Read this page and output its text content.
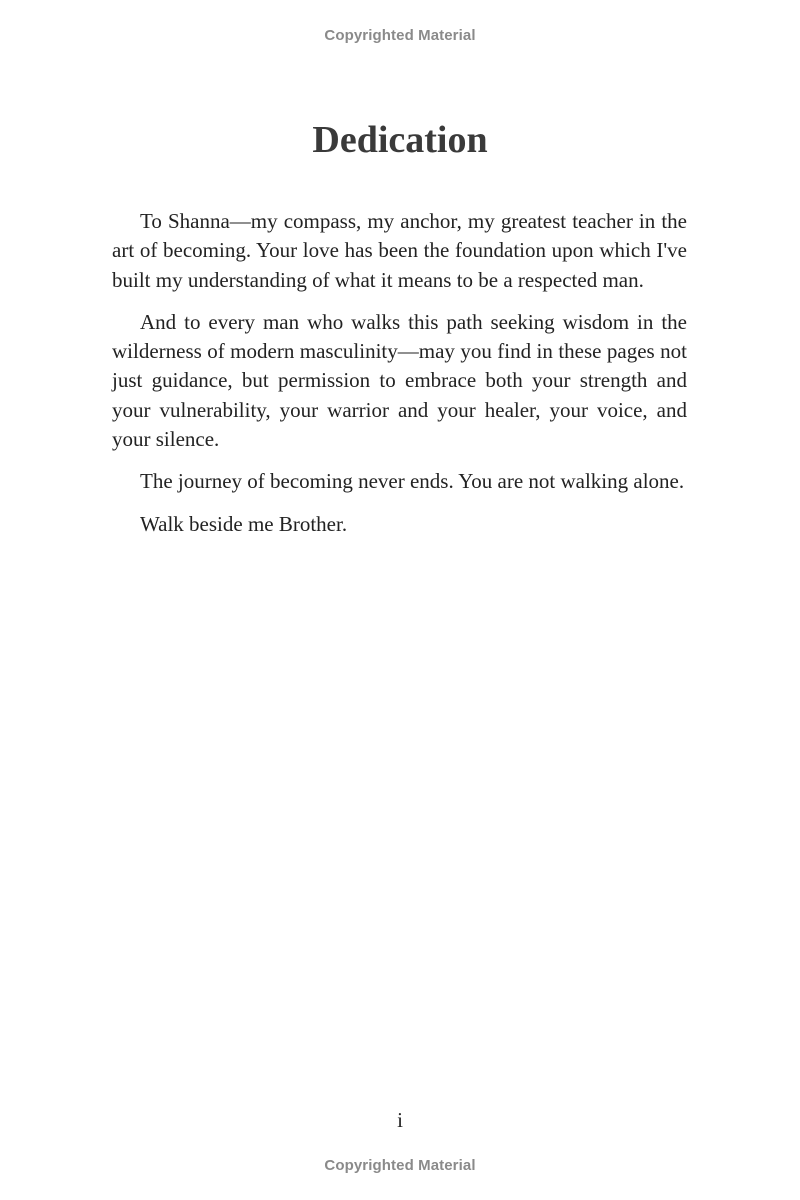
Copyrighted Material
Dedication

To Shanna—my compass, my anchor, my greatest teacher in the art of becoming. Your love has been the foundation upon which I've built my understanding of what it means to be a respected man.

And to every man who walks this path seeking wisdom in the wilderness of modern masculinity—may you find in these pages not just guidance, but permission to embrace both your strength and your vulnerability, your warrior and your healer, your voice, and your silence.

The journey of becoming never ends. You are not walking alone.

Walk beside me Brother.

i
Copyrighted Material
